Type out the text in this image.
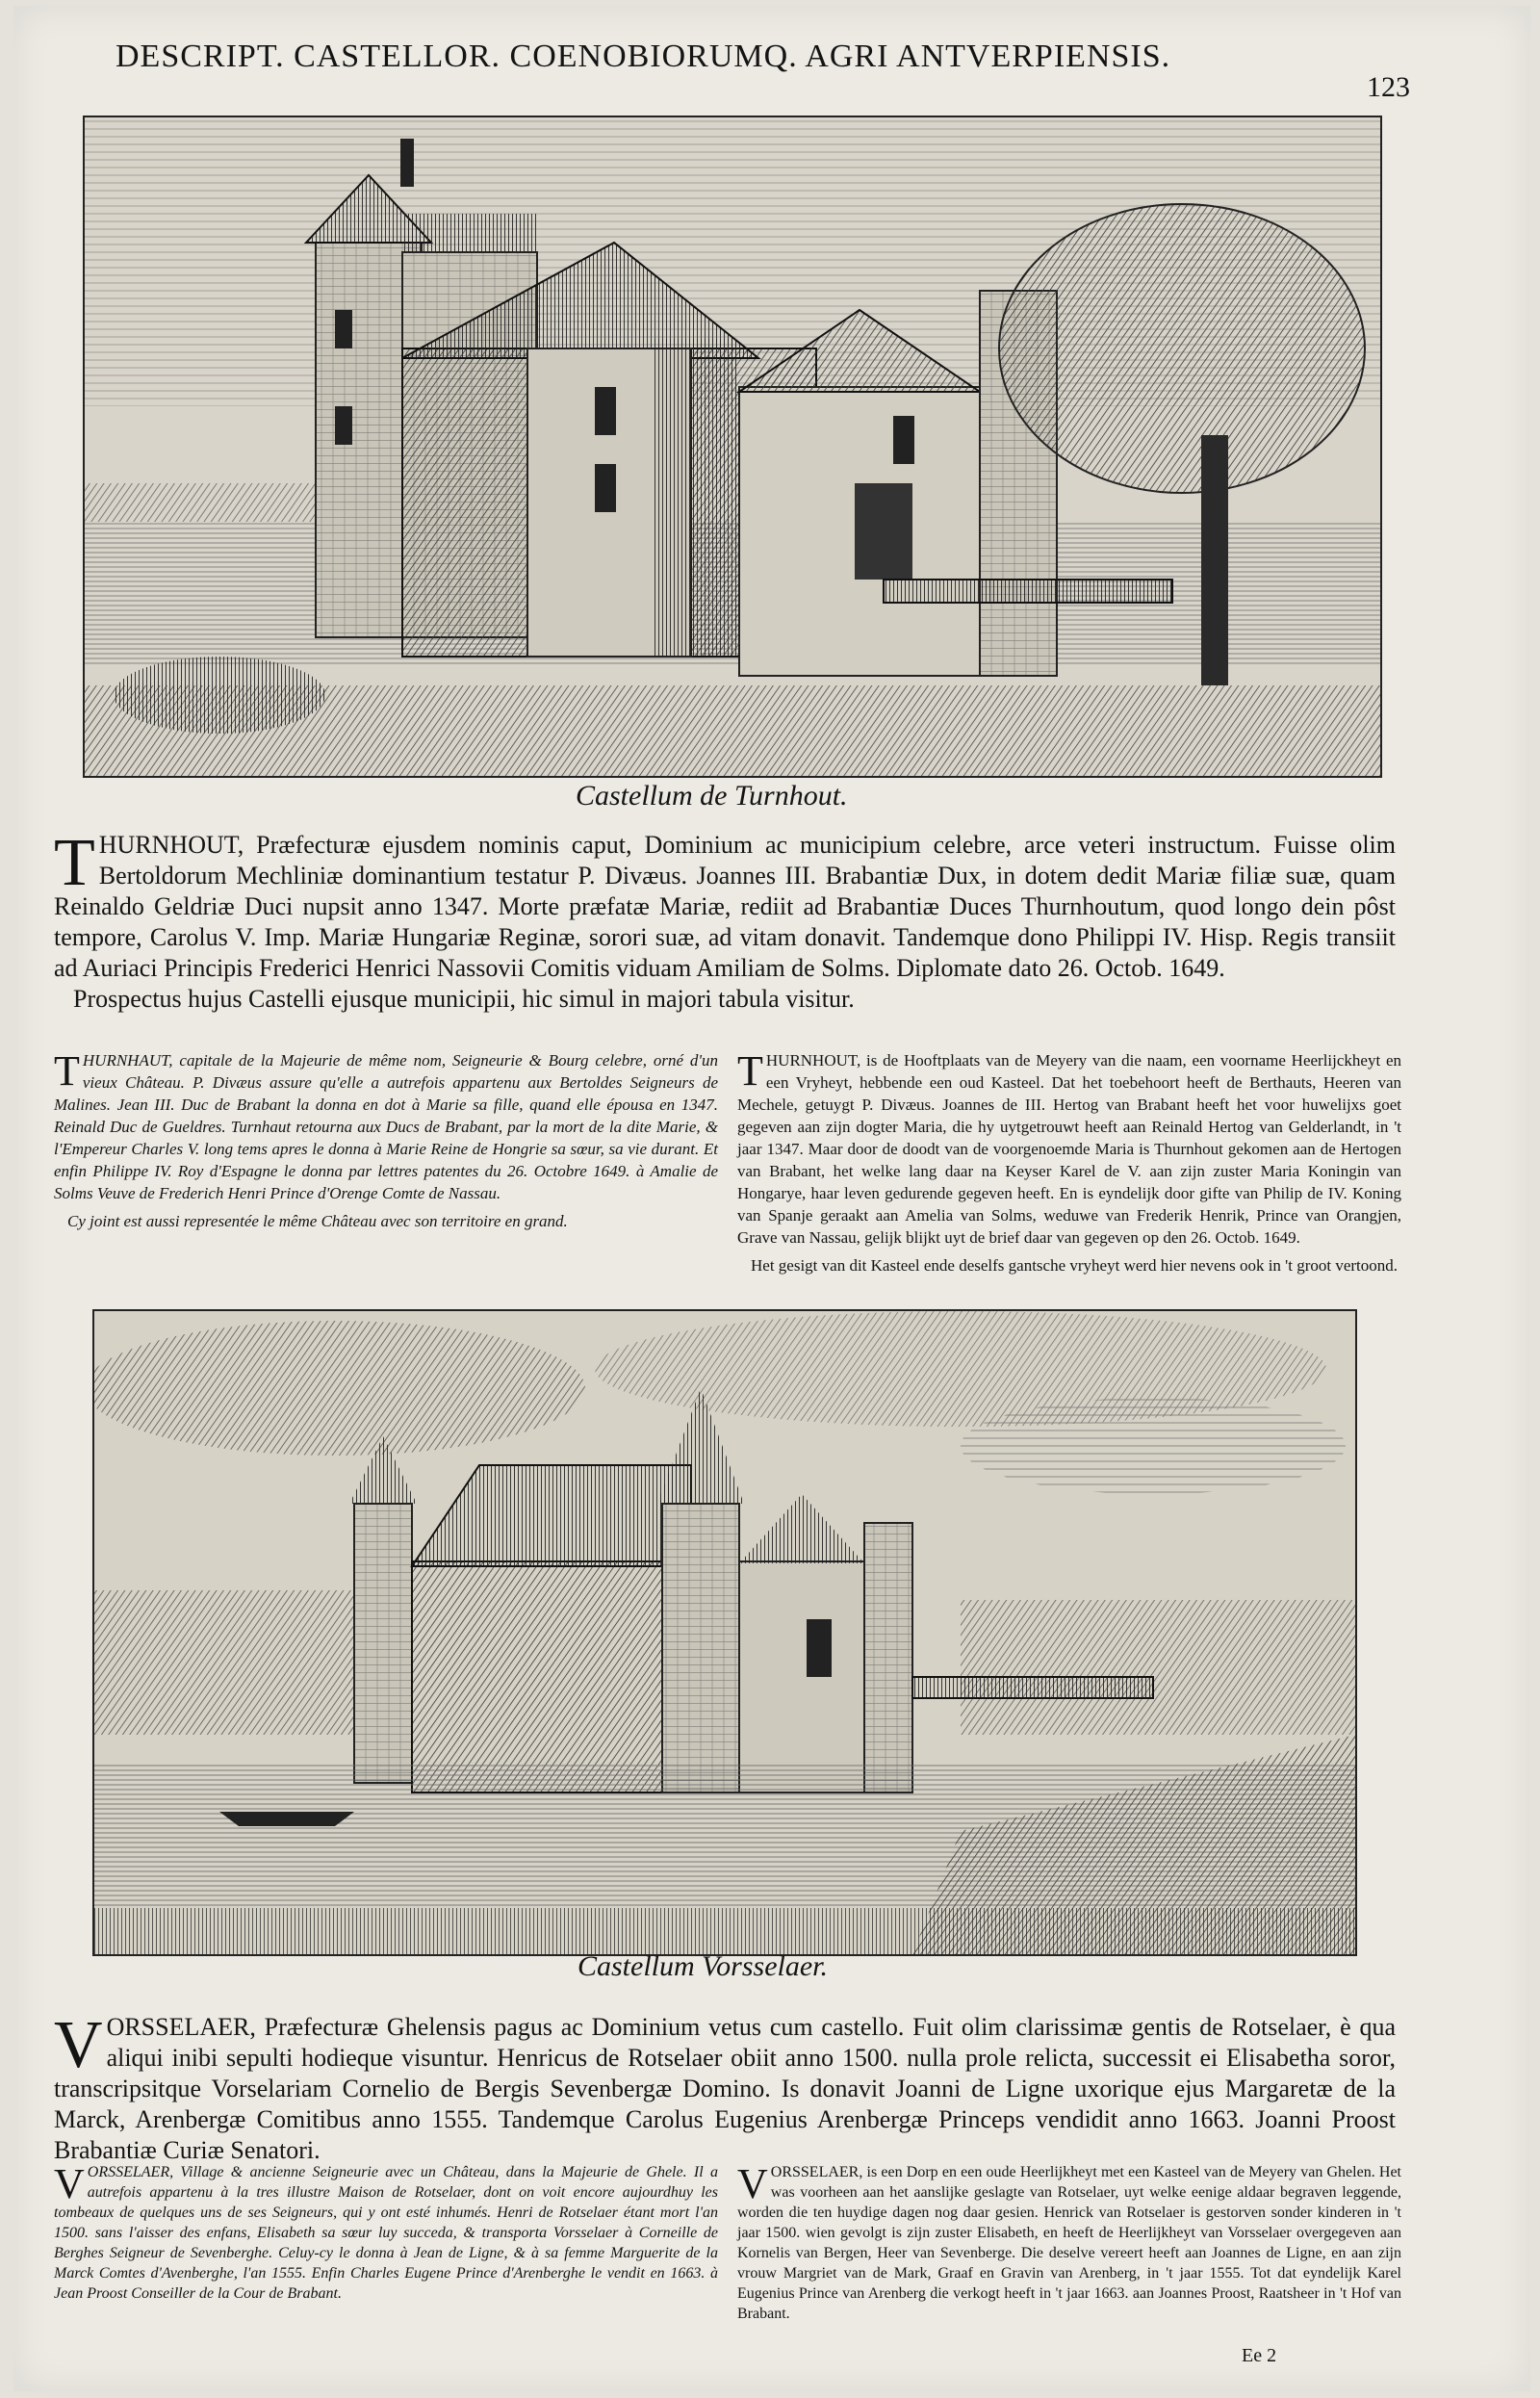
DESCRIPT. CASTELLOR. COENOBIORUMQ. AGRI ANTVERPIENSIS.
123
Castellum de Turnhout.
T HURNHOUT, Præfecturæ ejusdem nominis caput, Dominium ac municipium celebre, arce veteri instructum. Fuisse olim Bertoldorum Mechliniæ dominantium testatur P. Divæus. Joannes III. Brabantiæ Dux, in dotem dedit Mariæ filiæ suæ, quam Reinaldo Geldriæ Duci nupsit anno 1347. Morte præfatæ Mariæ, rediit ad Brabantiæ Duces Thurnhoutum, quod longo dein pôst tempore, Carolus V. Imp. Mariæ Hungariæ Reginæ, sorori suæ, ad vitam donavit. Tandemque dono Philippi IV. Hisp. Regis transiit ad Auriaci Principis Frederici Henrici Nassovii Comitis viduam Amiliam de Solms. Diplomate dato 26. Octob. 1649.

Prospectus hujus Castelli ejusque municipii, hic simul in majori tabula visitur.

T HURNHAUT, capitale de la Majeurie de même nom, Seigneurie & Bourg celebre, orné d'un vieux Château. P. Divæus assure qu'elle a autrefois appartenu aux Bertoldes Seigneurs de Malines. Jean III. Duc de Brabant la donna en dot à Marie sa fille, quand elle épousa en 1347. Reinald Duc de Gueldres. Turnhaut retourna aux Ducs de Brabant, par la mort de la dite Marie, & l'Empereur Charles V. long tems apres le donna à Marie Reine de Hongrie sa sœur, sa vie durant. Et enfin Philippe IV. Roy d'Espagne le donna par lettres patentes du 26. Octobre 1649. à Amalie de Solms Veuve de Frederich Henri Prince d'Orenge Comte de Nassau.

Cy joint est aussi representée le même Château avec son territoire en grand.

T HURNHOUT, is de Hooftplaats van de Meyery van die naam, een voorname Heerlijckheyt en een Vryheyt, hebbende een oud Kasteel. Dat het toebehoort heeft de Berthauts, Heeren van Mechele, getuygt P. Divæus. Joannes de III. Hertog van Brabant heeft het voor huwelijxs goet gegeven aan zijn dogter Maria, die hy uytgetrouwt heeft aan Reinald Hertog van Gelderlandt, in 't jaar 1347. Maar door de doodt van de voorgenoemde Maria is Thurnhout gekomen aan de Hertogen van Brabant, het welke lang daar na Keyser Karel de V. aan zijn zuster Maria Koningin van Hongarye, haar leven gedurende gegeven heeft. En is eyndelijk door gifte van Philip de IV. Koning van Spanje geraakt aan Amelia van Solms, weduwe van Frederik Henrik, Prince van Orangjen, Grave van Nassau, gelijk blijkt uyt de brief daar van gegeven op den 26. Octob. 1649.

Het gesigt van dit Kasteel ende deselfs gantsche vryheyt werd hier nevens ook in 't groot vertoond.

Castellum Vorsselaer.
V ORSSELAER, Præfecturæ Ghelensis pagus ac Dominium vetus cum castello. Fuit olim clarissimæ gentis de Rotselaer, è qua aliqui inibi sepulti hodieque visuntur. Henricus de Rotselaer obiit anno 1500. nulla prole relicta, successit ei Elisabetha soror, transcripsitque Vorselariam Cornelio de Bergis Sevenbergæ Domino. Is donavit Joanni de Ligne uxorique ejus Margaretæ de la Marck, Arenbergæ Comitibus anno 1555. Tandemque Carolus Eugenius Arenbergæ Princeps vendidit anno 1663. Joanni Proost Brabantiæ Curiæ Senatori.

V ORSSELAER, Village & ancienne Seigneurie avec un Château, dans la Majeurie de Ghele. Il a autrefois appartenu à la tres illustre Maison de Rotselaer, dont on voit encore aujourdhuy les tombeaux de quelques uns de ses Seigneurs, qui y ont esté inhumés. Henri de Rotselaer étant mort l'an 1500. sans l'aisser des enfans, Elisabeth sa sœur luy succeda, & transporta Vorsselaer à Corneille de Berghes Seigneur de Sevenberghe. Celuy-cy le donna à Jean de Ligne, & à sa femme Marguerite de la Marck Comtes d'Avenberghe, l'an 1555. Enfin Charles Eugene Prince d'Arenberghe le vendit en 1663. à Jean Proost Conseiller de la Cour de Brabant.

V ORSSELAER, is een Dorp en een oude Heerlijkheyt met een Kasteel van de Meyery van Ghelen. Het was voorheen aan het aanslijke geslagte van Rotselaer, uyt welke eenige aldaar begraven leggende, worden die ten huydige dagen nog daar gesien. Henrick van Rotselaer is gestorven sonder kinderen in 't jaar 1500. wien gevolgt is zijn zuster Elisabeth, en heeft de Heerlijkheyt van Vorsselaer overgegeven aan Kornelis van Bergen, Heer van Sevenberge. Die deselve vereert heeft aan Joannes de Ligne, en aan zijn vrouw Margriet van de Mark, Graaf en Gravin van Arenberg, in 't jaar 1555. Tot dat eyndelijk Karel Eugenius Prince van Arenberg die verkogt heeft in 't jaar 1663. aan Joannes Proost, Raatsheer in 't Hof van Brabant.

Ee 2
